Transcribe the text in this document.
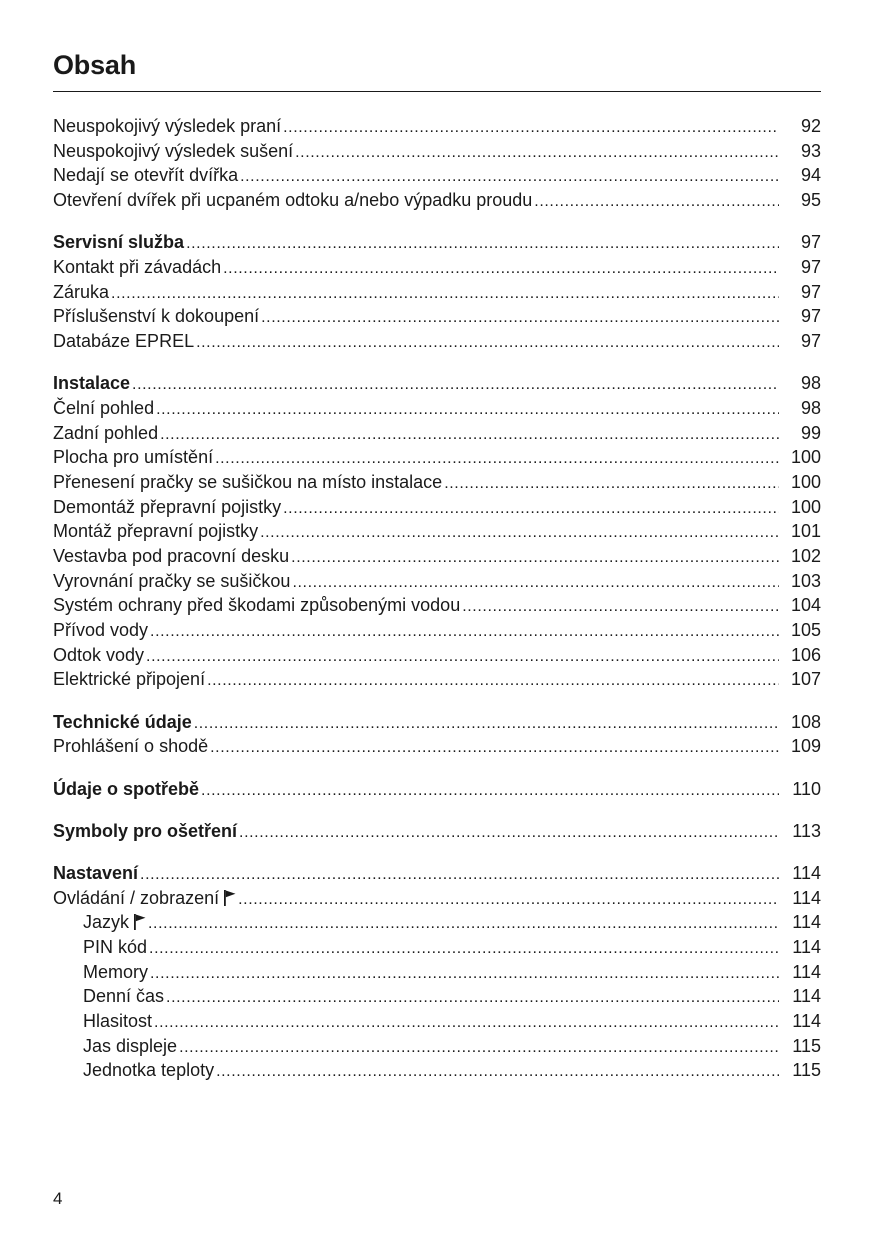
Obsah
Neuspokojivý výsledek praní .....	92
Neuspokojivý výsledek sušení .....	93
Nedají se otevřít dvířka .....	94
Otevření dvířek při ucpaném odtoku a/nebo výpadku proudu .....	95
Servisní služba .....	97
Kontakt při závadách .....	97
Záruka .....	97
Příslušenství k dokoupení .....	97
Databáze EPREL .....	97
Instalace .....	98
Čelní pohled .....	98
Zadní pohled .....	99
Plocha pro umístění .....	100
Přenesení pračky se sušičkou na místo instalace .....	100
Demontáž přepravní pojistky .....	100
Montáž přepravní pojistky .....	101
Vestavba pod pracovní desku .....	102
Vyrovnání pračky se sušičkou .....	103
Systém ochrany před škodami způsobenými vodou .....	104
Přívod vody .....	105
Odtok vody .....	106
Elektrické připojení .....	107
Technické údaje .....	108
Prohlášení o shodě .....	109
Údaje o spotřebě .....	110
Symboly pro ošetření .....	113
Nastavení .....	114
Ovládání / zobrazení .....	114
Jazyk .....	114
PIN kód .....	114
Memory .....	114
Denní čas .....	114
Hlasitost .....	114
Jas displeje .....	115
Jednotka teploty .....	115
4
